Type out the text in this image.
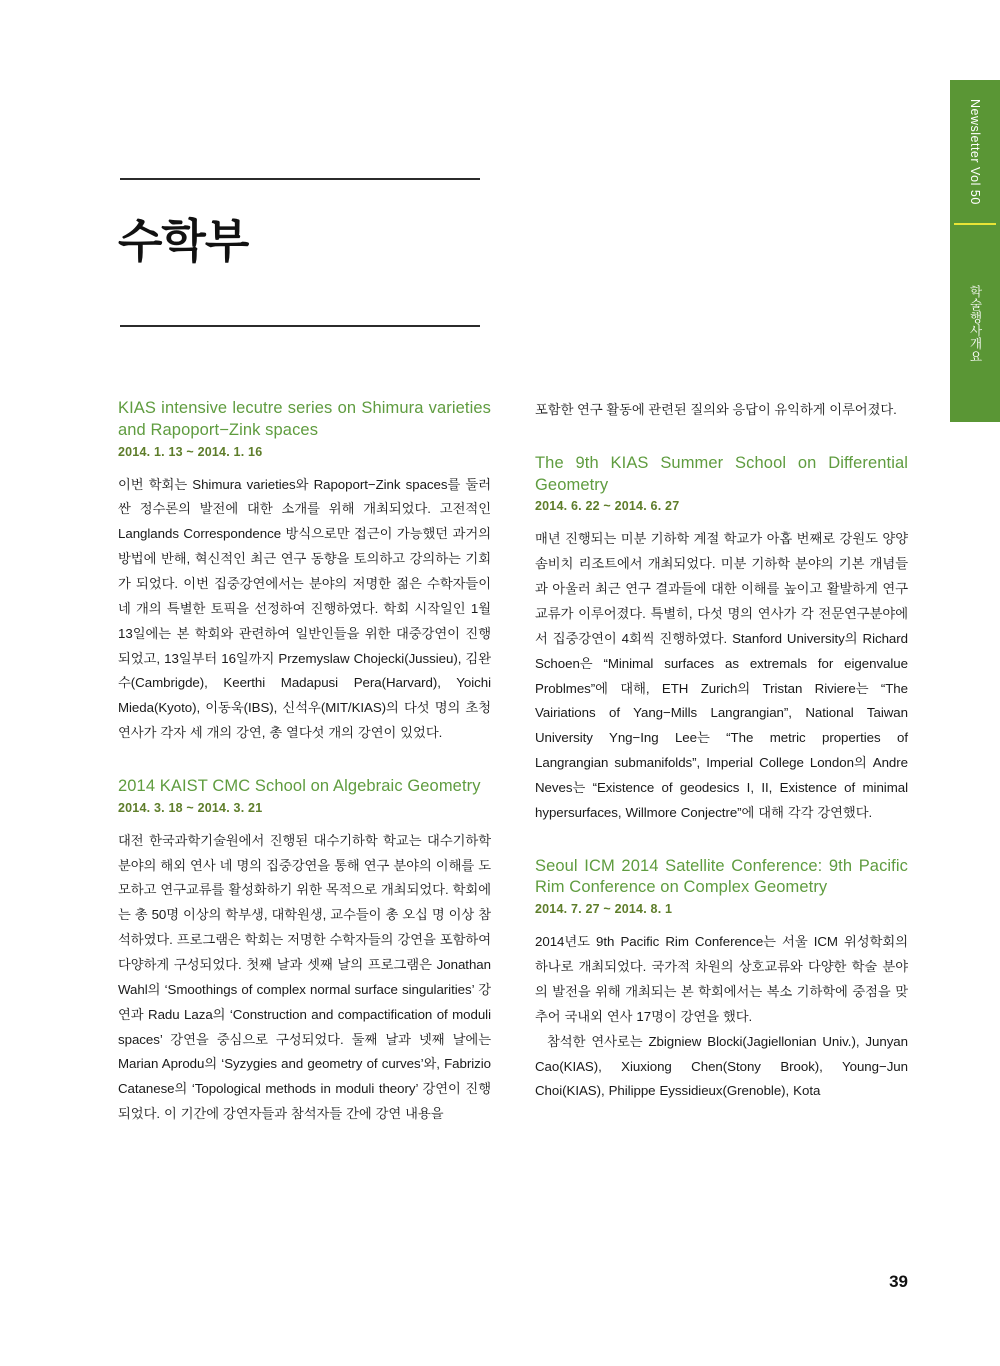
Newsletter Vol 50
학술행사개요
수학부
KIAS intensive lecutre series on Shimura varieties and Rapoport−Zink spaces
2014. 1. 13 ~ 2014. 1. 16

이번 학회는 Shimura varieties와 Rapoport−Zink spaces를 둘러싼 정수론의 발전에 대한 소개를 위해 개최되었다. 고전적인 Langlands Correspondence 방식으로만 접근이 가능했던 과거의 방법에 반해, 혁신적인 최근 연구 동향을 토의하고 강의하는 기회가 되었다. 이번 집중강연에서는 분야의 저명한 젊은 수학자들이 네 개의 특별한 토픽을 선정하여 진행하였다. 학회 시작일인 1월 13일에는 본 학회와 관련하여 일반인들을 위한 대중강연이 진행되었고, 13일부터 16일까지 Przemyslaw Chojecki(Jussieu), 김완수(Cambrigde), Keerthi Madapusi Pera(Harvard), Yoichi Mieda(Kyoto), 이동욱(IBS), 신석우(MIT/KIAS)의 다섯 명의 초청 연사가 각자 세 개의 강연, 총 열다섯 개의 강연이 있었다.

2014 KAIST CMC School on Algebraic Geometry
2014. 3. 18 ~ 2014. 3. 21

대전 한국과학기술원에서 진행된 대수기하학 학교는 대수기하학 분야의 해외 연사 네 명의 집중강연을 통해 연구 분야의 이해를 도모하고 연구교류를 활성화하기 위한 목적으로 개최되었다. 학회에는 총 50명 이상의 학부생, 대학원생, 교수들이 총 오십 명 이상 참석하였다. 프로그램은 학회는 저명한 수학자들의 강연을 포함하여 다양하게 구성되었다. 첫째 날과 셋째 날의 프로그램은 Jonathan Wahl의 ‘Smoothings of complex normal surface singularities’ 강연과 Radu Laza의 ‘Construction and compactification of moduli spaces’ 강연을 중심으로 구성되었다. 둘째 날과 넷째 날에는 Marian Aprodu의 ‘Syzygies and geometry of curves’와, Fabrizio Catanese의 ‘Topological methods in moduli theory’ 강연이 진행되었다. 이 기간에 강연자들과 참석자들 간에 강연 내용을

포함한 연구 활동에 관련된 질의와 응답이 유익하게 이루어졌다.

The 9th KIAS Summer School on Differential Geometry
2014. 6. 22 ~ 2014. 6. 27

매년 진행되는 미분 기하학 계절 학교가 아홉 번째로 강원도 양양 솜비치 리조트에서 개최되었다. 미분 기하학 분야의 기본 개념들과 아울러 최근 연구 결과들에 대한 이해를 높이고 활발하게 연구 교류가 이루어졌다. 특별히, 다섯 명의 연사가 각 전문연구분야에서 집중강연이 4회씩 진행하였다. Stanford University의 Richard Schoen은 “Minimal surfaces as extremals for eigenvalue Problmes”에 대해, ETH Zurich의 Tristan Riviere는 “The Vairiations of Yang−Mills Langrangian”, National Taiwan University Yng−Ing Lee는 “The metric properties of Langrangian submanifolds”, Imperial College London의 Andre Neves는 “Existence of geodesics I, II, Existence of minimal hypersurfaces, Willmore Conjectre”에 대해 각각 강연했다.

Seoul ICM 2014 Satellite Conference: 9th Pacific Rim Conference on Complex Geometry
2014. 7. 27 ~ 2014. 8. 1

2014년도 9th Pacific Rim Conference는 서울 ICM 위성학회의 하나로 개최되었다. 국가적 차원의 상호교류와 다양한 학술 분야의 발전을 위해 개최되는 본 학회에서는 복소 기하학에 중점을 맞추어 국내외 연사 17명이 강연을 했다.

참석한 연사로는 Zbigniew Blocki(Jagiellonian Univ.), Junyan Cao(KIAS), Xiuxiong Chen(Stony Brook), Young−Jun Choi(KIAS), Philippe Eyssidieux(Grenoble), Kota

39
